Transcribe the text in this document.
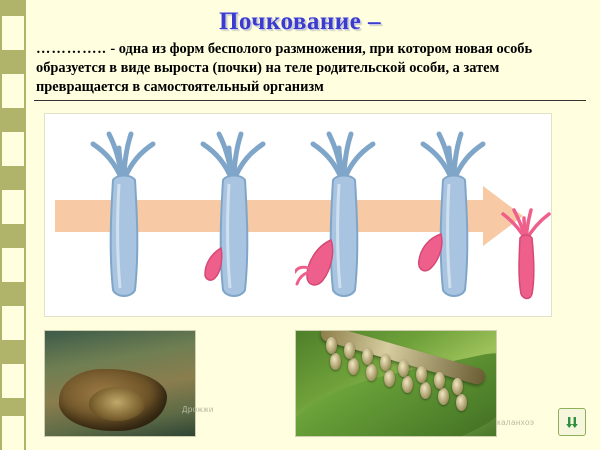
Почкование –
………….. - одна из форм бесполого размножения, при котором новая особь образуется в виде выроста (почки) на теле родительской особи, а затем превращается в самостоятельный организм
Дрожжи
каланхоэ
